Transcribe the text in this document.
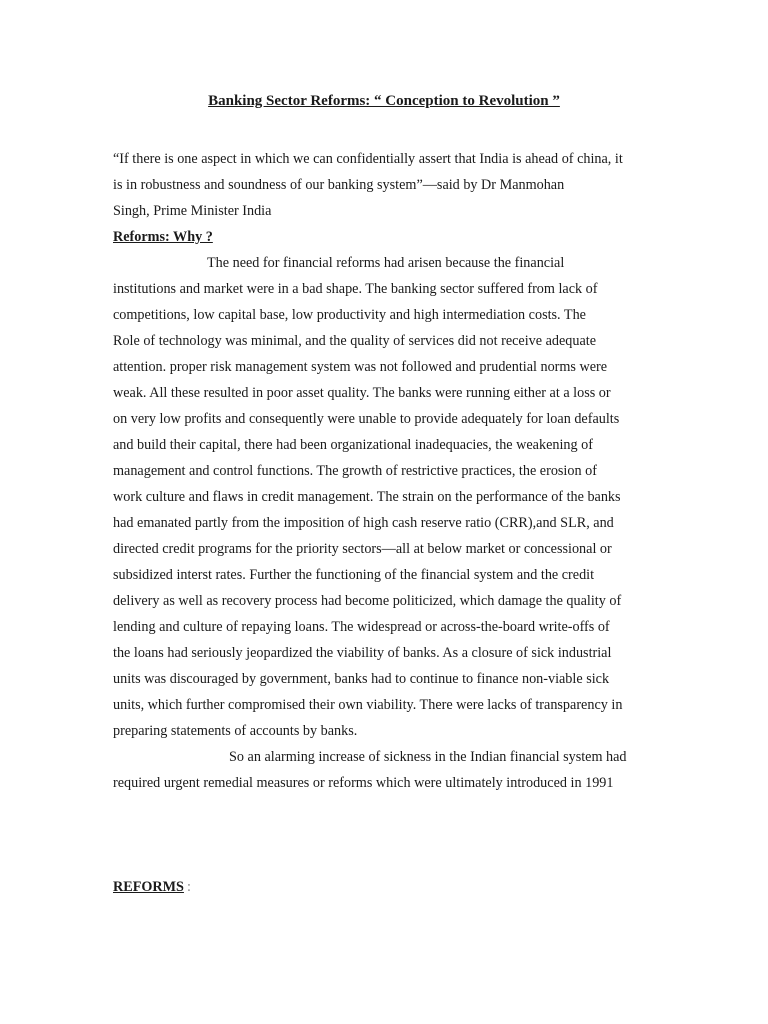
Banking Sector Reforms: “ Conception to Revolution ”
“If there is one aspect in which we can confidentially assert that India is ahead of china, it
is in robustness and soundness of our banking system”—said by Dr Manmohan
Singh, Prime Minister India
Reforms: Why ?
The need for financial reforms had arisen because the financial
institutions and market were in a bad shape. The banking sector suffered from lack of
competitions, low capital base, low productivity and high intermediation costs. The
Role of technology was minimal, and the quality of services did not receive adequate
attention. proper risk management system was not followed and prudential norms were
weak. All these resulted in poor asset quality. The banks were running either at a loss or
on very low profits and consequently were unable to provide adequately for loan defaults
and build their capital, there had been organizational inadequacies, the weakening of
management and control functions. The growth of restrictive practices, the erosion of
work culture and flaws in credit management. The strain on the performance of the banks
had emanated partly from the imposition of high cash reserve ratio (CRR),and SLR, and
directed credit programs for the priority sectors—all at below market or concessional or
subsidized interst rates. Further the functioning of the financial system and the credit
delivery as well as recovery process had become politicized, which damage the quality of
lending and culture of repaying loans. The widespread or across-the-board write-offs of
the loans had seriously jeopardized the viability of banks. As a closure of sick industrial
units was discouraged by government, banks had to continue to finance non-viable sick
units, which further compromised their own viability. There were lacks of transparency in
preparing statements of accounts by banks.
So an alarming increase of sickness in the Indian financial system had
required urgent remedial measures or reforms which were ultimately introduced in 1991
REFORMS :
